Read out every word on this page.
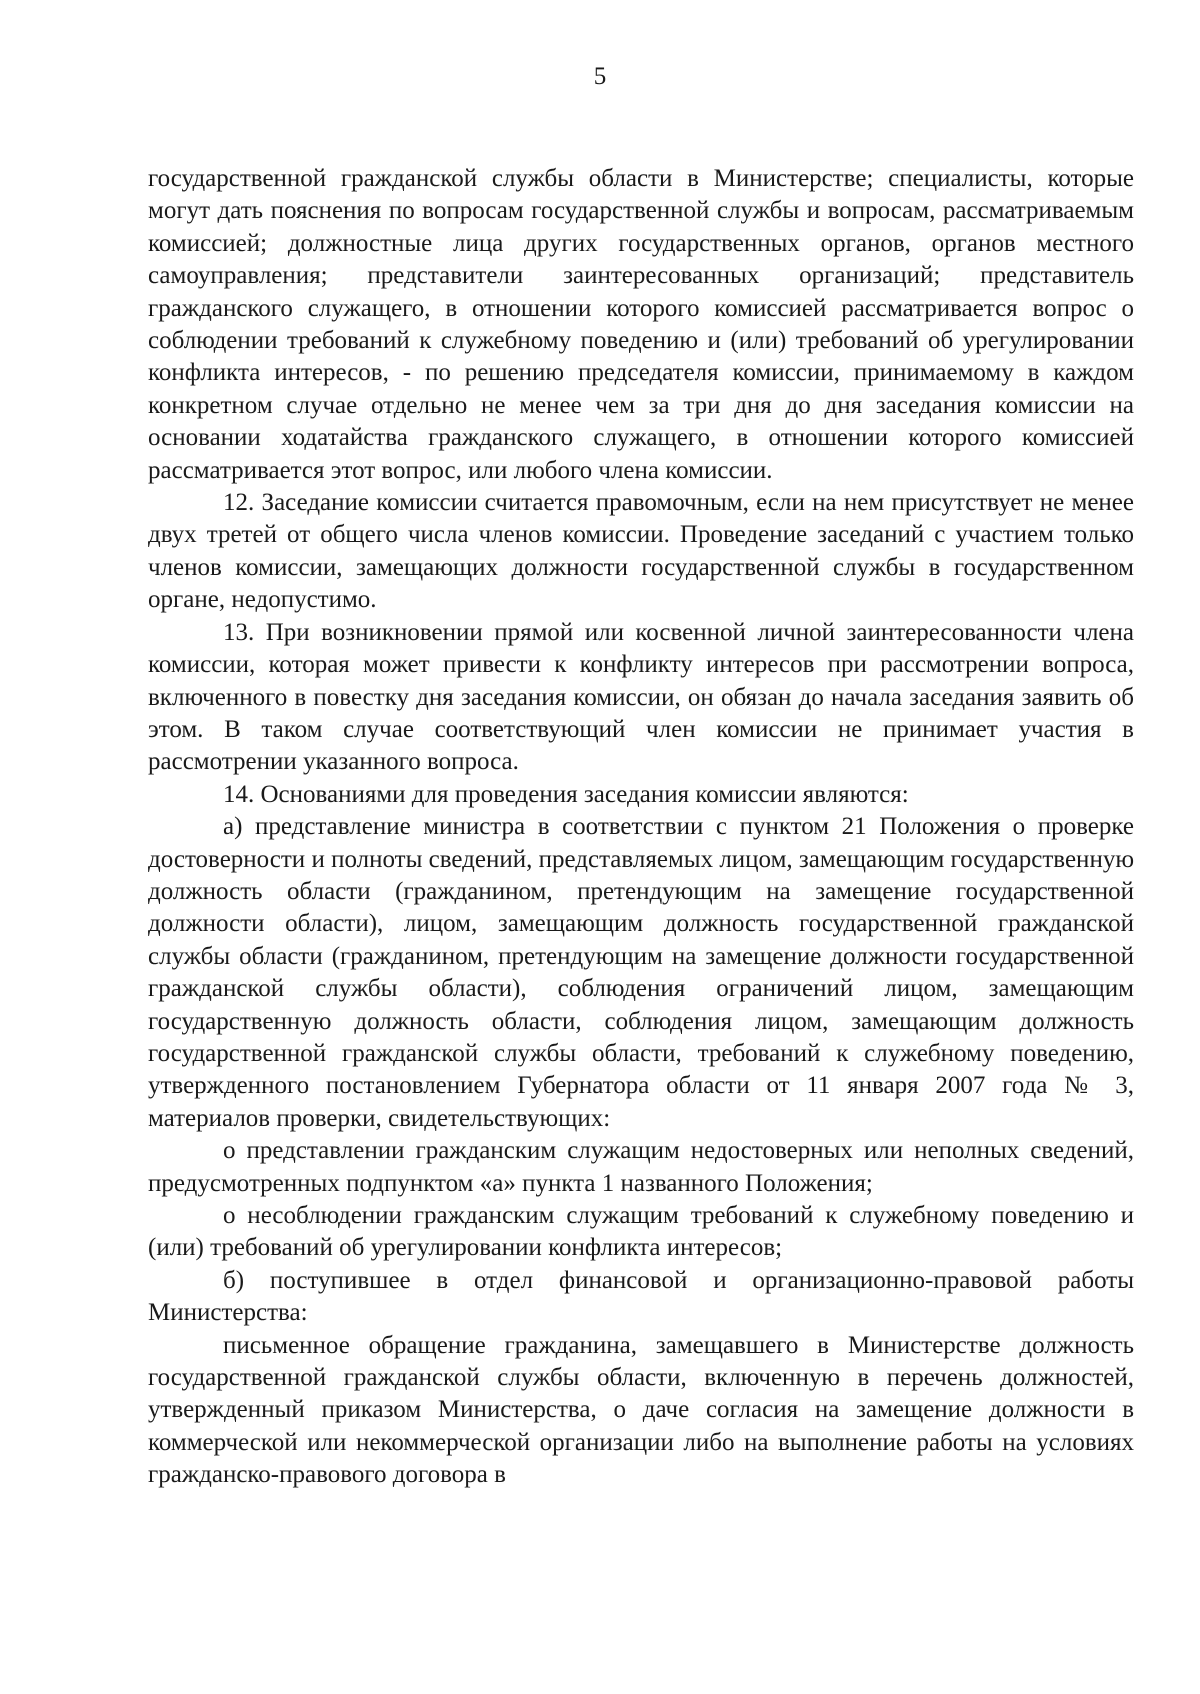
5

государственной гражданской службы области в Министерстве; специалисты, которые могут дать пояснения по вопросам государственной службы и вопросам, рассматриваемым комиссией; должностные лица других государственных органов, органов местного самоуправления; представители заинтересованных организаций; представитель гражданского служащего, в отношении которого комиссией рассматривается вопрос о соблюдении требований к служебному поведению и (или) требований об урегулировании конфликта интересов, - по решению председателя комиссии, принимаемому в каждом конкретном случае отдельно не менее чем за три дня до дня заседания комиссии на основании ходатайства гражданского служащего, в отношении которого комиссией рассматривается этот вопрос, или любого члена комиссии.

12. Заседание комиссии считается правомочным, если на нем присутствует не менее двух третей от общего числа членов комиссии. Проведение заседаний с участием только членов комиссии, замещающих должности государственной службы в государственном органе, недопустимо.

13. При возникновении прямой или косвенной личной заинтересованности члена комиссии, которая может привести к конфликту интересов при рассмотрении вопроса, включенного в повестку дня заседания комиссии, он обязан до начала заседания заявить об этом. В таком случае соответствующий член комиссии не принимает участия в рассмотрении указанного вопроса.

14. Основаниями для проведения заседания комиссии являются:

а) представление министра в соответствии с пунктом 21 Положения о проверке достоверности и полноты сведений, представляемых лицом, замещающим государственную должность области (гражданином, претендующим на замещение государственной должности области), лицом, замещающим должность государственной гражданской службы области (гражданином, претендующим на замещение должности государственной гражданской службы области), соблюдения ограничений лицом, замещающим государственную должность области, соблюдения лицом, замещающим должность государственной гражданской службы области, требований к служебному поведению, утвержденного постановлением Губернатора области от 11 января 2007 года № 3, материалов проверки, свидетельствующих:

о представлении гражданским служащим недостоверных или неполных сведений, предусмотренных подпунктом «а» пункта 1 названного Положения;

о несоблюдении гражданским служащим требований к служебному поведению и (или) требований об урегулировании конфликта интересов;

б) поступившее в отдел финансовой и организационно-правовой работы Министерства:

письменное обращение гражданина, замещавшего в Министерстве должность государственной гражданской службы области, включенную в перечень должностей, утвержденный приказом Министерства, о даче согласия на замещение должности в коммерческой или некоммерческой организации либо на выполнение работы на условиях гражданско-правового договора в
